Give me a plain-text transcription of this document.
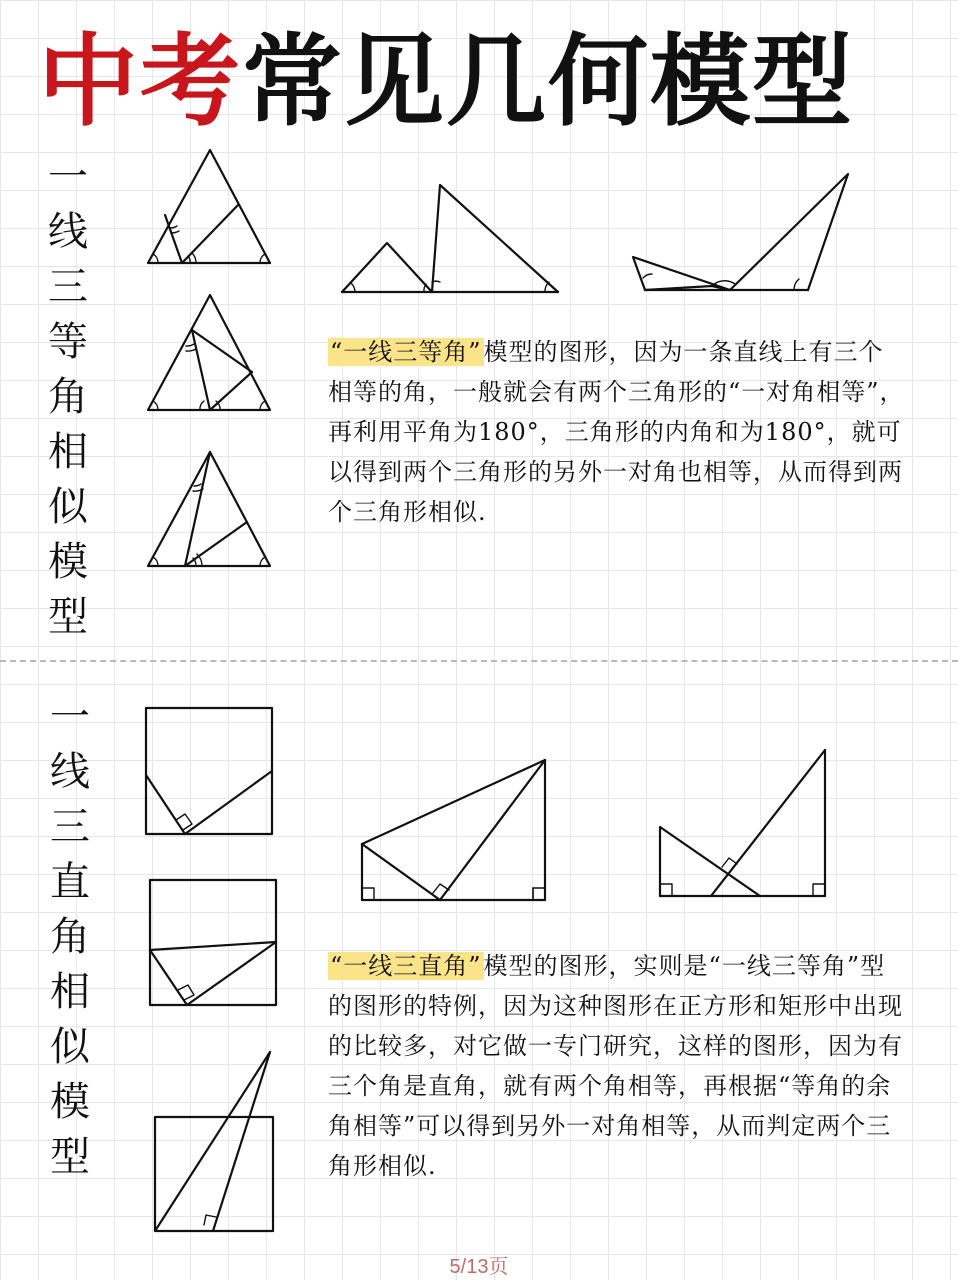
中考常见几何模型
一
线
三
等
角
相
似
模
型
一
线
三
直
角
相
似
模
型
“一线三等角”模型的图形，因为一条直线上有三个相等的角，一般就会有两个三角形的“一对角相等”，再利用平角为180°，三角形的内角和为180°，就可以得到两个三角形的另外一对角也相等，从而得到两个三角形相似.
“一线三直角”模型的图形，实则是“一线三等角”型的图形的特例，因为这种图形在正方形和矩形中出现的比较多，对它做一专门研究，这样的图形，因为有三个角是直角，就有两个角相等，再根据“等角的余角相等”可以得到另外一对角相等，从而判定两个三角形相似.
5/13页
